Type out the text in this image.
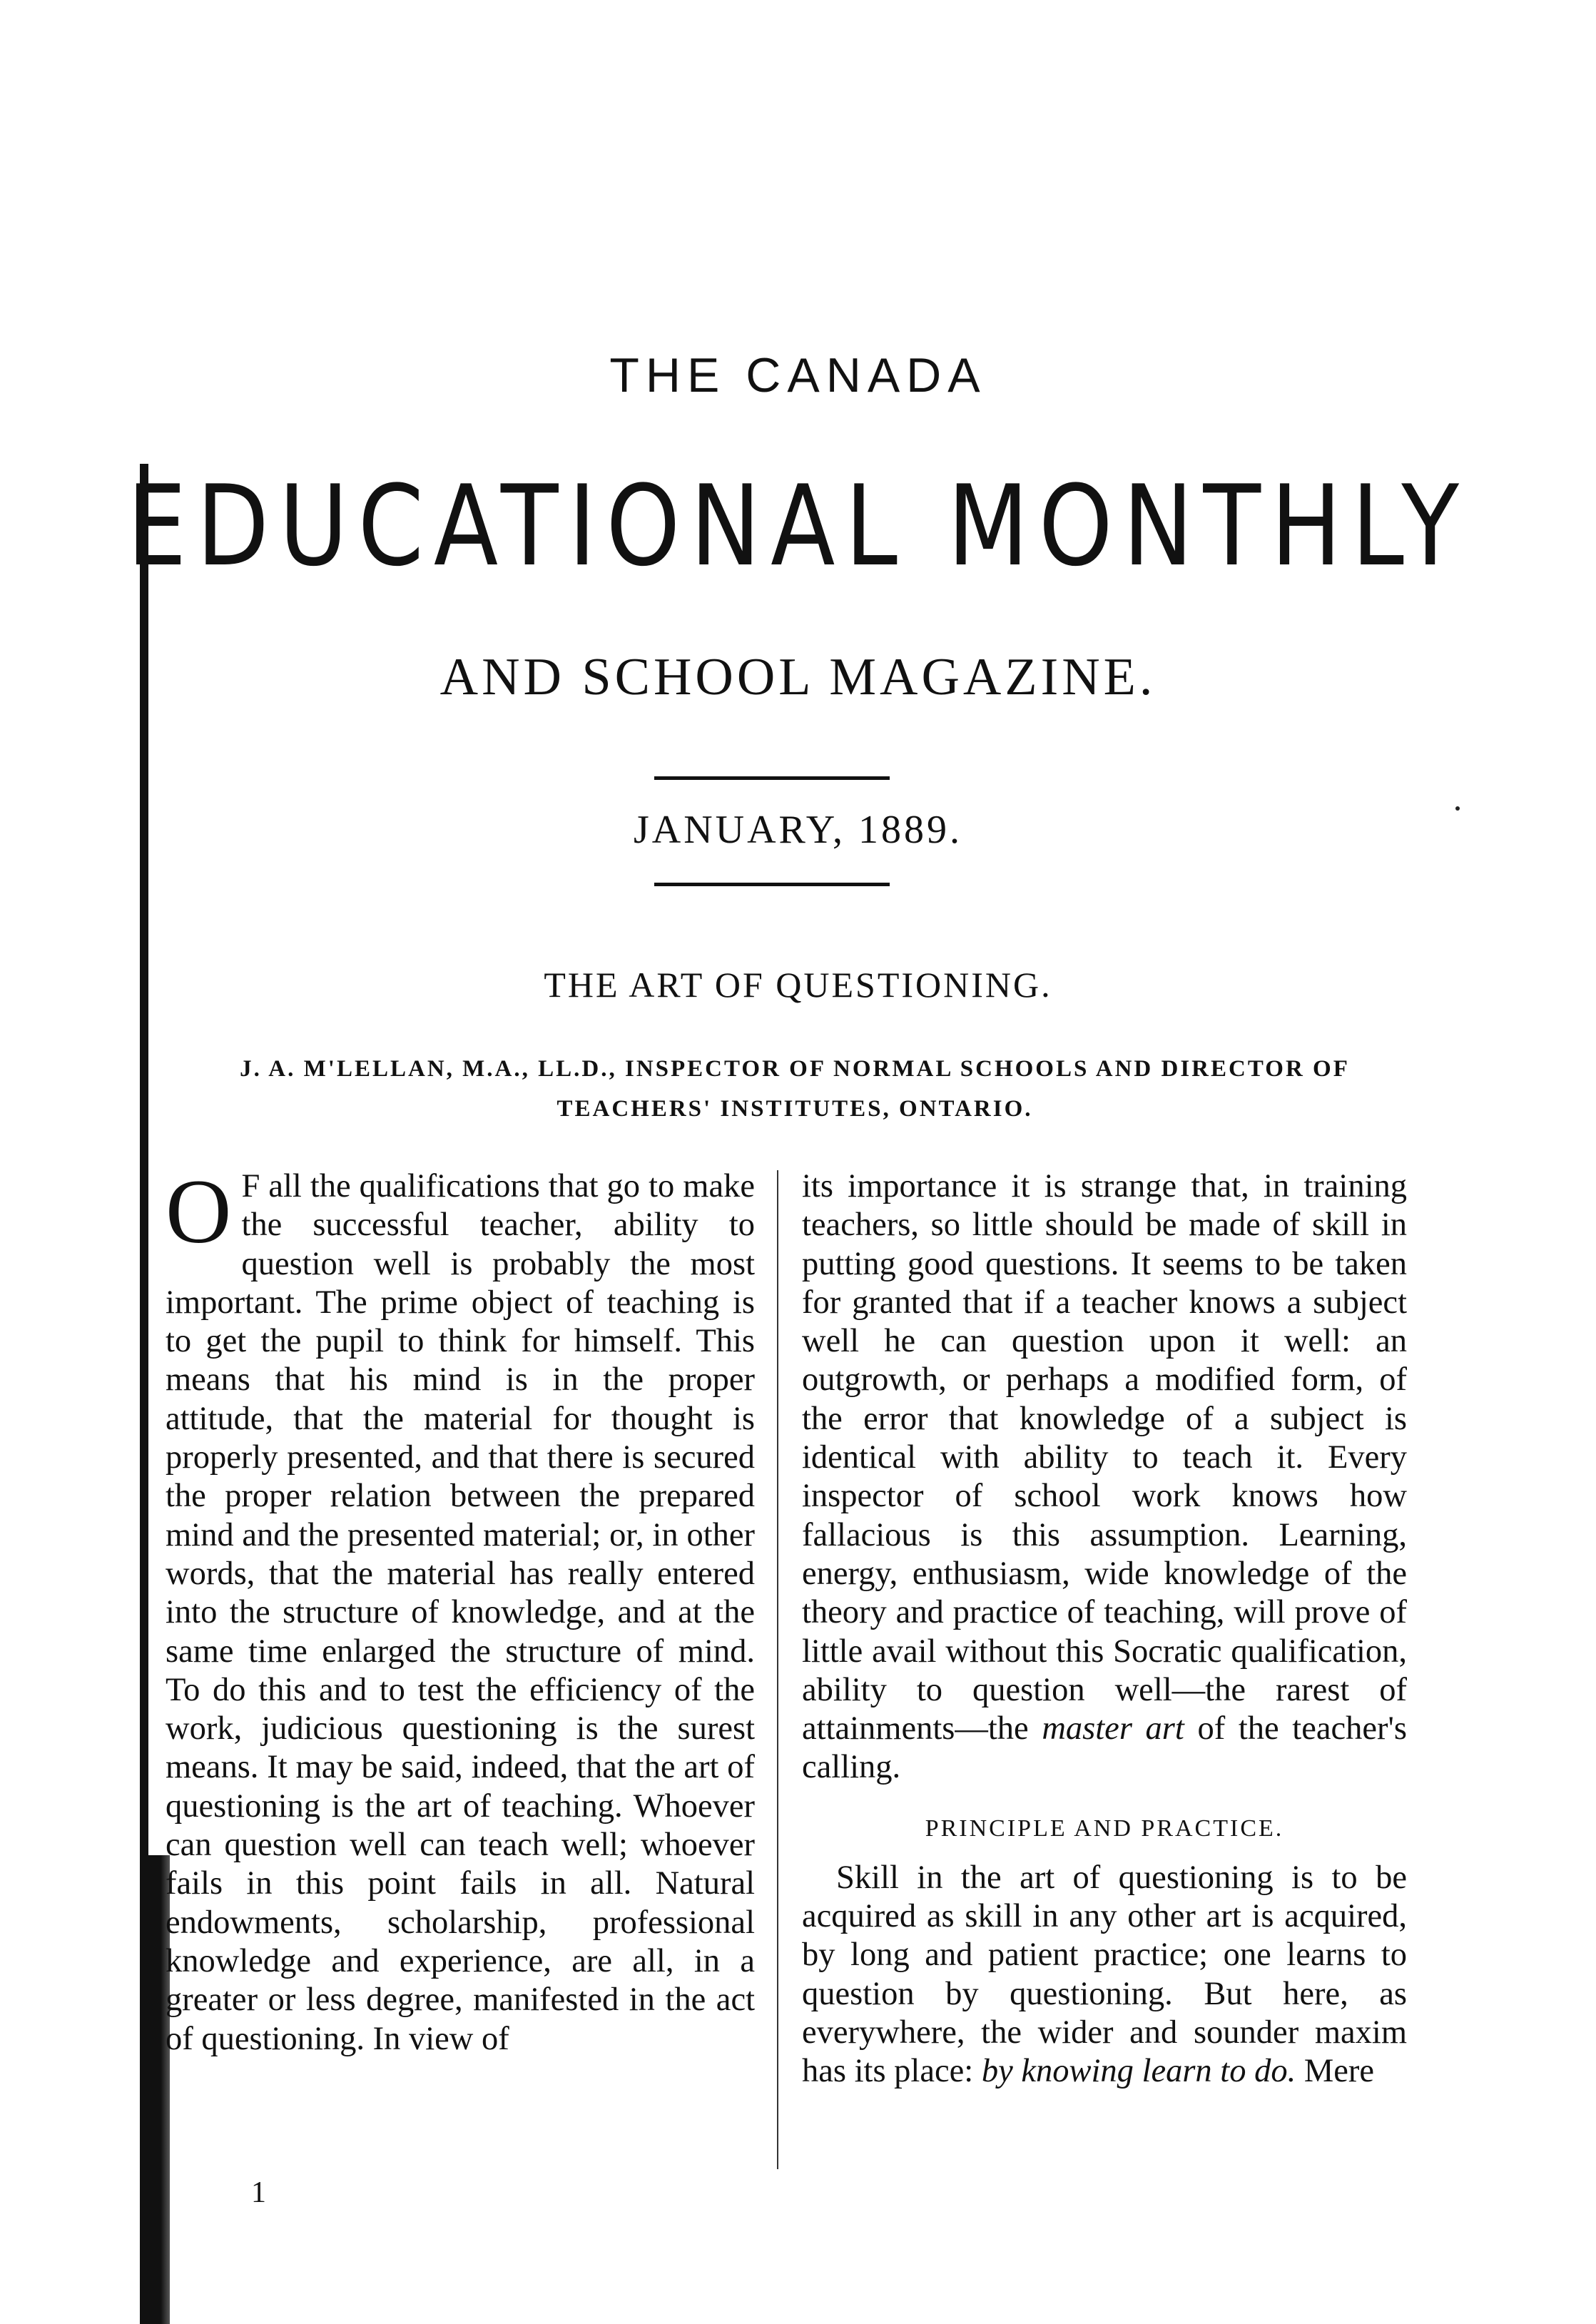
THE CANADA
EDUCATIONAL MONTHLY
AND SCHOOL MAGAZINE.
JANUARY, 1889.
THE ART OF QUESTIONING.
J. A. M'LELLAN, M.A., LL.D., INSPECTOR OF NORMAL SCHOOLS AND DIRECTOR OF TEACHERS' INSTITUTES, ONTARIO.

O F all the qualifications that go to make the successful teacher, ability to question well is probably the most important. The prime object of teaching is to get the pupil to think for himself. This means that his mind is in the proper attitude, that the material for thought is properly presented, and that there is secured the proper relation between the prepared mind and the presented material; or, in other words, that the material has really entered into the structure of knowledge, and at the same time enlarged the structure of mind. To do this and to test the efficiency of the work, judicious questioning is the surest means. It may be said, indeed, that the art of questioning is the art of teaching. Whoever can question well can teach well; whoever fails in this point fails in all. Natural endowments, scholarship, professional knowledge and experience, are all, in a greater or less degree, manifested in the act of questioning. In view of

its importance it is strange that, in training teachers, so little should be made of skill in putting good questions. It seems to be taken for granted that if a teacher knows a subject well he can question upon it well: an outgrowth, or perhaps a modified form, of the error that knowledge of a subject is identical with ability to teach it. Every inspector of school work knows how fallacious is this assumption. Learning, energy, enthusiasm, wide knowledge of the theory and practice of teaching, will prove of little avail without this Socratic qualification, ability to question well—the rarest of attainments—the master art of the teacher's calling.

PRINCIPLE AND PRACTICE.

Skill in the art of questioning is to be acquired as skill in any other art is acquired, by long and patient practice; one learns to question by questioning. But here, as everywhere, the wider and sounder maxim has its place: by knowing learn to do. Mere

1
